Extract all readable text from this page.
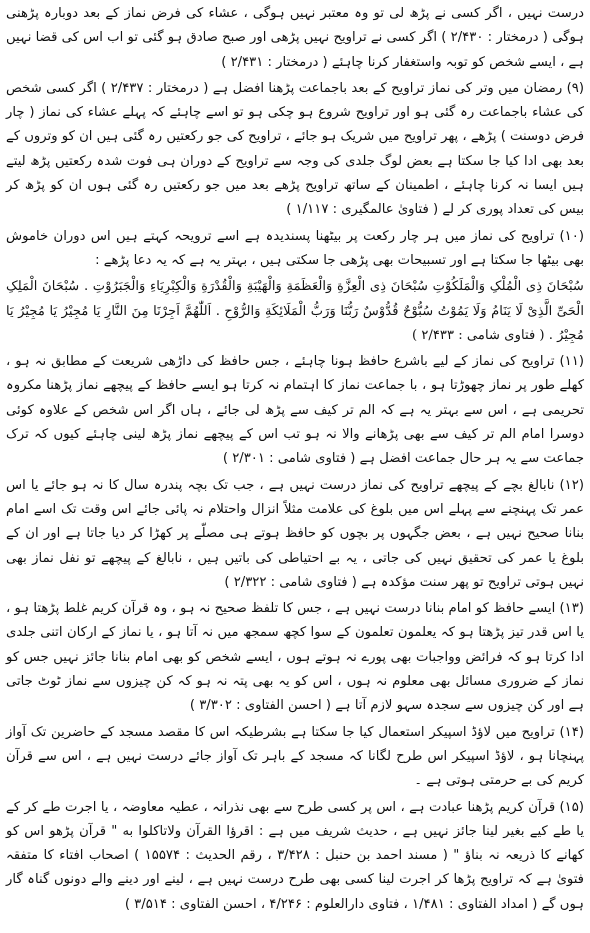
درست نہیں ، اگر کسی نے پڑھ لی تو وہ معتبر نہیں ہوگی ، عشاء کی فرض نماز کے بعد دوبارہ پڑھنی ہوگی ( درمختار : ۲/۴۳۰ ) اگر کسی نے تراویح نہیں پڑھی اور صبح صادق ہو گئی تو اب اس کی قضا نہیں ہے ، ایسے شخص کو توبہ واستغفار کرنا چاہئے ( درمختار : ۲/۴۳۱ )

(۹) رمضان میں وتر کی نماز تراویح کے بعد باجماعت پڑھنا افضل ہے ( درمختار : ۲/۴۳۷ ) اگر کسی شخص کی عشاء باجماعت رہ گئی ہو اور تراویح شروع ہو چکی ہو تو اسے چاہئے کہ پہلے عشاء کی نماز ( چار فرض دوسنت ) پڑھے ، پھر تراویح میں شریک ہو جائے ، تراویح کی جو رکعتیں رہ گئی ہیں ان کو وتروں کے بعد بھی ادا کیا جا سکتا ہے بعض لوگ جلدی کی وجہ سے تراویح کے دوران ہی فوت شدہ رکعتیں پڑھ لیتے ہیں ایسا نہ کرنا چاہئے ، اطمینان کے ساتھ تراویح پڑھے بعد میں جو رکعتیں رہ گئی ہوں ان کو پڑھ کر بیس کی تعداد پوری کر لے ( فتاویٰ عالمگیری : ۱/۱۱۷ )

(۱۰) تراویح کی نماز میں ہر چار رکعت پر بیٹھنا پسندیدہ ہے اسے ترویحہ کہتے ہیں اس دوران خاموش بھی بیٹھا جا سکتا ہے اور تسبیحات بھی پڑھی جا سکتی ہیں ، بہتر یہ ہے کہ یہ دعا پڑھے :

سُبْحَانَ ذِی الْمُلْکِ وَالْمَلَکُوْتِ سُبْحَانَ ذِی الْعِزَّةِ وَالْعَظَمَةِ وَالْهَیْبَةِ وَالْقُدْرَةِ وَالْکِبْرِیَاءِ وَالْجَبَرُوْتِ . سُبْحَانَ الْمَلِکِ الْحَیِّ الَّذِیْ لَا یَنَامُ وَلَا یَمُوْتُ سُبُّوْحٌ قُدُّوْسٌ رَبُّنَا وَرَبُّ الْمَلَائِکَةِ وَالرُّوْحِ . اَللّٰهُمَّ اَجِرْنَا مِنَ النَّارِ یَا مُجِیْرُ یَا مُجِیْرُ یَا مُجِیْرُ . ( فتاوی شامی : ۲/۴۳۳ )

(۱۱) تراویح کی نماز کے لیے باشرع حافظ ہونا چاہئے ، جس حافظ کی داڑھی شریعت کے مطابق نہ ہو ، کھلے طور پر نماز چھوڑتا ہو ، با جماعت نماز کا اہتمام نہ کرتا ہو ایسے حافظ کے پیچھے نماز پڑھنا مکروہ تحریمی ہے ، اس سے بہتر یہ ہے کہ الم تر کیف سے پڑھ لی جائے ، ہاں اگر اس شخص کے علاوہ کوئی دوسرا امام الم تر کیف سے بھی پڑھانے والا نہ ہو تب اس کے پیچھے نماز پڑھ لینی چاہئے کیوں کہ ترک جماعت سے یہ ہر حال جماعت افضل ہے ( فتاوی شامی : ۲/۳۰۱ )

(۱۲) نابالغ بچے کے پیچھے تراویح کی نماز درست نہیں ہے ، جب تک بچہ پندرہ سال کا نہ ہو جائے یا اس عمر تک پہنچنے سے پہلے اس میں بلوغ کی علامت مثلاً انزال واحتلام نہ پائی جائے اس وقت تک اسے امام بنانا صحیح نہیں ہے ، بعض جگہوں پر بچوں کو حافظ ہوتے ہی مصلّے پر کھڑا کر دیا جاتا ہے اور ان کے بلوغ یا عمر کی تحقیق نہیں کی جاتی ، یہ بے احتیاطی کی باتیں ہیں ، نابالغ کے پیچھے تو نفل نماز بھی نہیں ہوتی تراویح تو پھر سنت مؤکدہ ہے ( فتاوی شامی : ۲/۳۲۲ )

(۱۳) ایسے حافظ کو امام بنانا درست نہیں ہے ، جس کا تلفظ صحیح نہ ہو ، وہ قرآن کریم غلط پڑھتا ہو ، یا اس قدر تیز پڑھتا ہو کہ یعلمون تعلمون کے سوا کچھ سمجھ میں نہ آتا ہو ، یا نماز کے ارکان اتنی جلدی ادا کرتا ہو کہ فرائض وواجبات بھی پورے نہ ہوتے ہوں ، ایسے شخص کو بھی امام بنانا جائز نہیں جس کو نماز کے ضروری مسائل بھی معلوم نہ ہوں ، اس کو یہ بھی پتہ نہ ہو کہ کن چیزوں سے نماز ٹوٹ جاتی ہے اور کن چیزوں سے سجدہ سہو لازم آتا ہے ( احسن الفتاوی : ۳/۳۰۲ )

(۱۴) تراویح میں لاؤڈ اسپیکر استعمال کیا جا سکتا ہے بشرطیکہ اس کا مقصد مسجد کے حاضرین تک آواز پہنچانا ہو ، لاؤڈ اسپیکر اس طرح لگانا کہ مسجد کے باہر تک آواز جائے درست نہیں ہے ، اس سے قرآن کریم کی بے حرمتی ہوتی ہے ۔

(۱۵) قرآن کریم پڑھنا عبادت ہے ، اس پر کسی طرح سے بھی نذرانہ ، عطیہ معاوضہ ، یا اجرت طے کر کے یا طے کیے بغیر لینا جائز نہیں ہے ، حدیث شریف میں ہے : اقرؤا القرآن ولاتاکلوا به " قرآن پڑھو اس کو کھانے کا ذریعہ نہ بناؤ " ( مسند احمد بن حنبل : ۳/۴۲۸ ، رقم الحدیث : ۱۵۵۷۴ ) اصحاب افتاء کا متفقہ فتویٰ ہے کہ تراویح پڑھا کر اجرت لینا کسی بھی طرح درست نہیں ہے ، لینے اور دینے والے دونوں گناہ گار ہوں گے ( امداد الفتاوی : ۱/۴۸۱ ، فتاوی دارالعلوم : ۴/۲۴۶ ، احسن الفتاوی : ۳/۵۱۴ )
